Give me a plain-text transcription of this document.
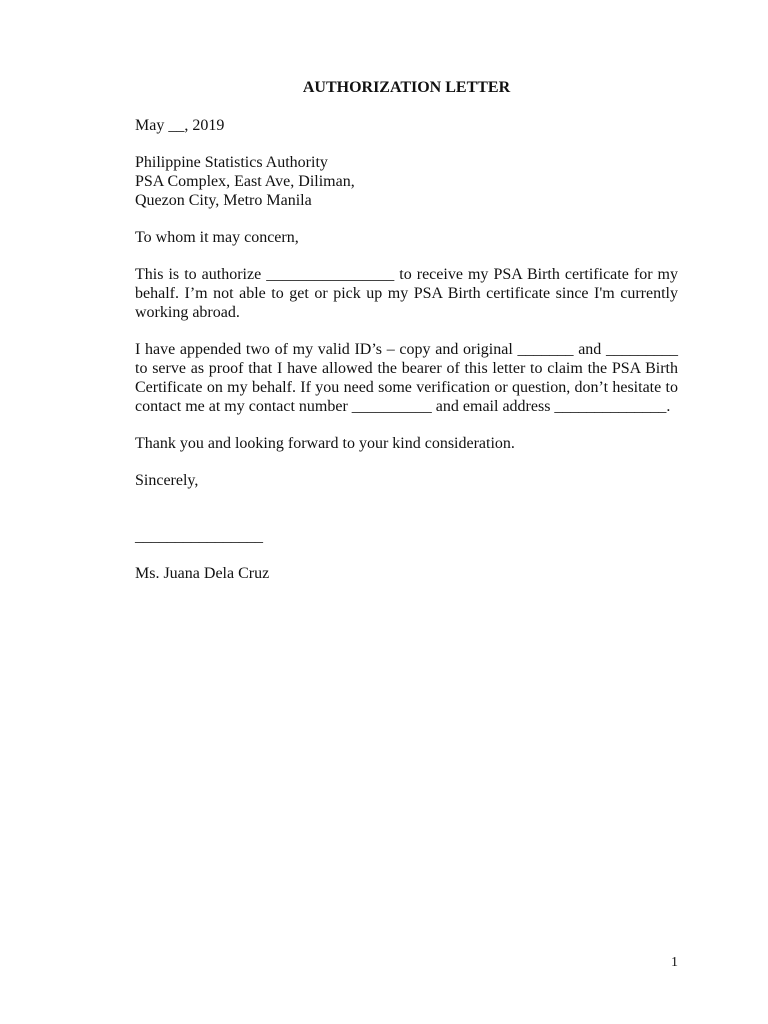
AUTHORIZATION LETTER
May __, 2019
Philippine Statistics Authority
PSA Complex, East Ave, Diliman,
Quezon City, Metro Manila
To whom it may concern,
This is to authorize ________________ to receive my PSA Birth certificate for my behalf. I’m not able to get or pick up my PSA Birth certificate since I'm currently working abroad.
I have appended two of my valid ID’s – copy and original _______ and _________ to serve as proof that I have allowed the bearer of this letter to claim the PSA Birth Certificate on my behalf. If you need some verification or question, don’t hesitate to contact me at my contact number __________ and email address ______________.
Thank you and looking forward to your kind consideration.
Sincerely,
________________
Ms. Juana Dela Cruz
1
